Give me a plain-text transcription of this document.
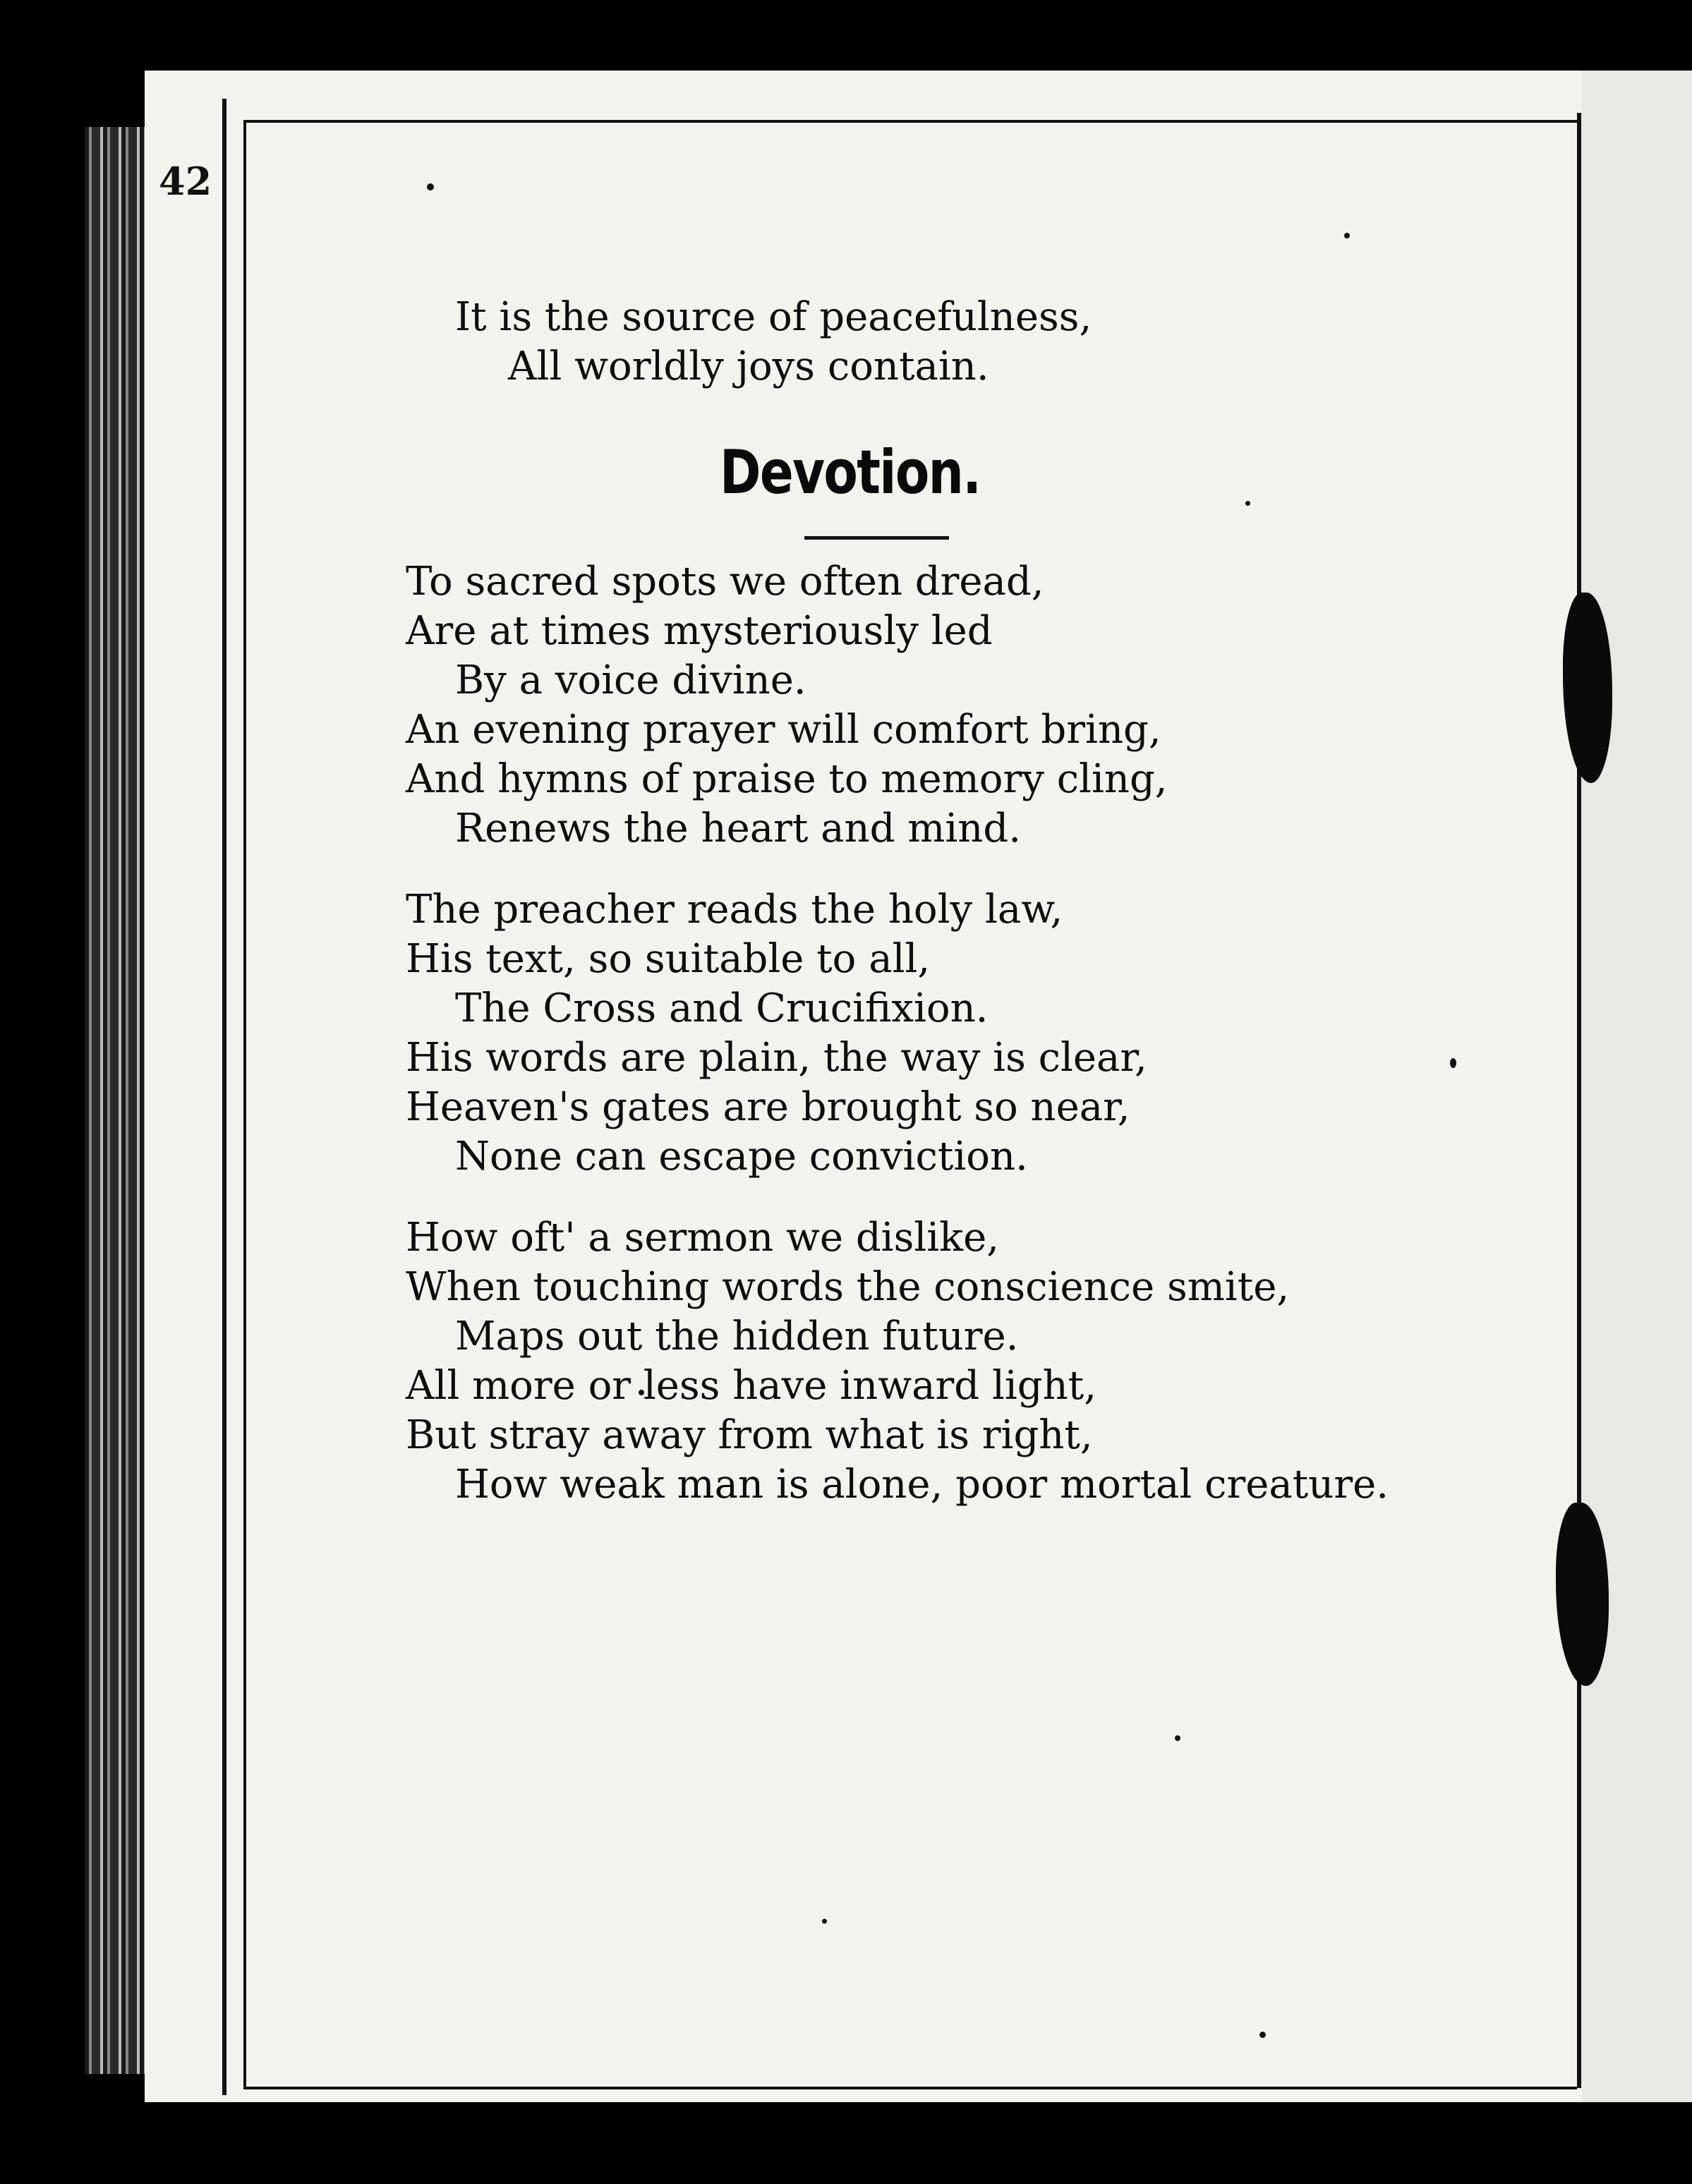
42

It is the source of peacefulness,

All worldly joys contain.

To sacred spots we often dread,

Are at times mysteriously led

By a voice divine.

An evening prayer will comfort bring,

And hymns of praise to memory cling,

Renews the heart and mind.

The preacher reads the holy law,

His text, so suitable to all,

The Cross and Crucifixion.

His words are plain, the way is clear,

Heaven's gates are brought so near,

None can escape conviction.

How oft' a sermon we dislike,

When touching words the conscience smite,

Maps out the hidden future.

All more or less have inward light,

But stray away from what is right,

How weak man is alone, poor mortal creature.

Devotion.
